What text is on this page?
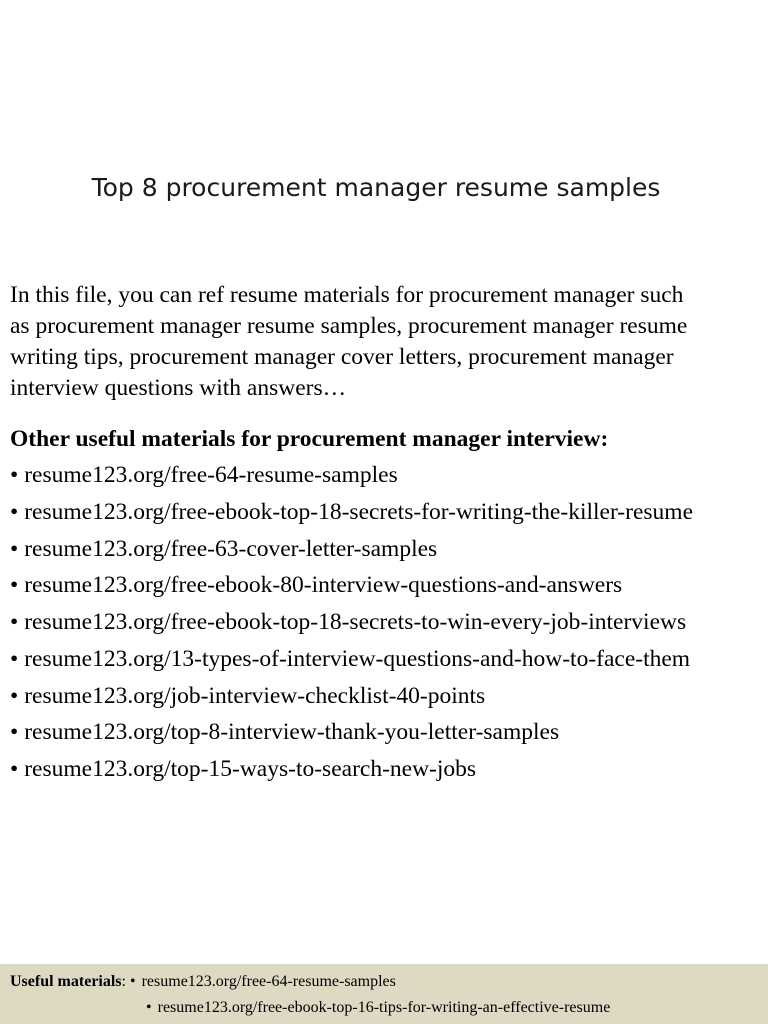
Top 8 procurement manager resume samples
In this file, you can ref resume materials for procurement manager such
as procurement manager resume samples, procurement manager resume
writing tips, procurement manager cover letters, procurement manager
interview questions with answers…
Other useful materials for procurement manager interview:
• resume123.org/free-64-resume-samples
• resume123.org/free-ebook-top-18-secrets-for-writing-the-killer-resume
• resume123.org/free-63-cover-letter-samples
• resume123.org/free-ebook-80-interview-questions-and-answers
• resume123.org/free-ebook-top-18-secrets-to-win-every-job-interviews
• resume123.org/13-types-of-interview-questions-and-how-to-face-them
• resume123.org/job-interview-checklist-40-points
• resume123.org/top-8-interview-thank-you-letter-samples
• resume123.org/top-15-ways-to-search-new-jobs
Useful materials: • resume123.org/free-64-resume-samples
• resume123.org/free-ebook-top-16-tips-for-writing-an-effective-resume
